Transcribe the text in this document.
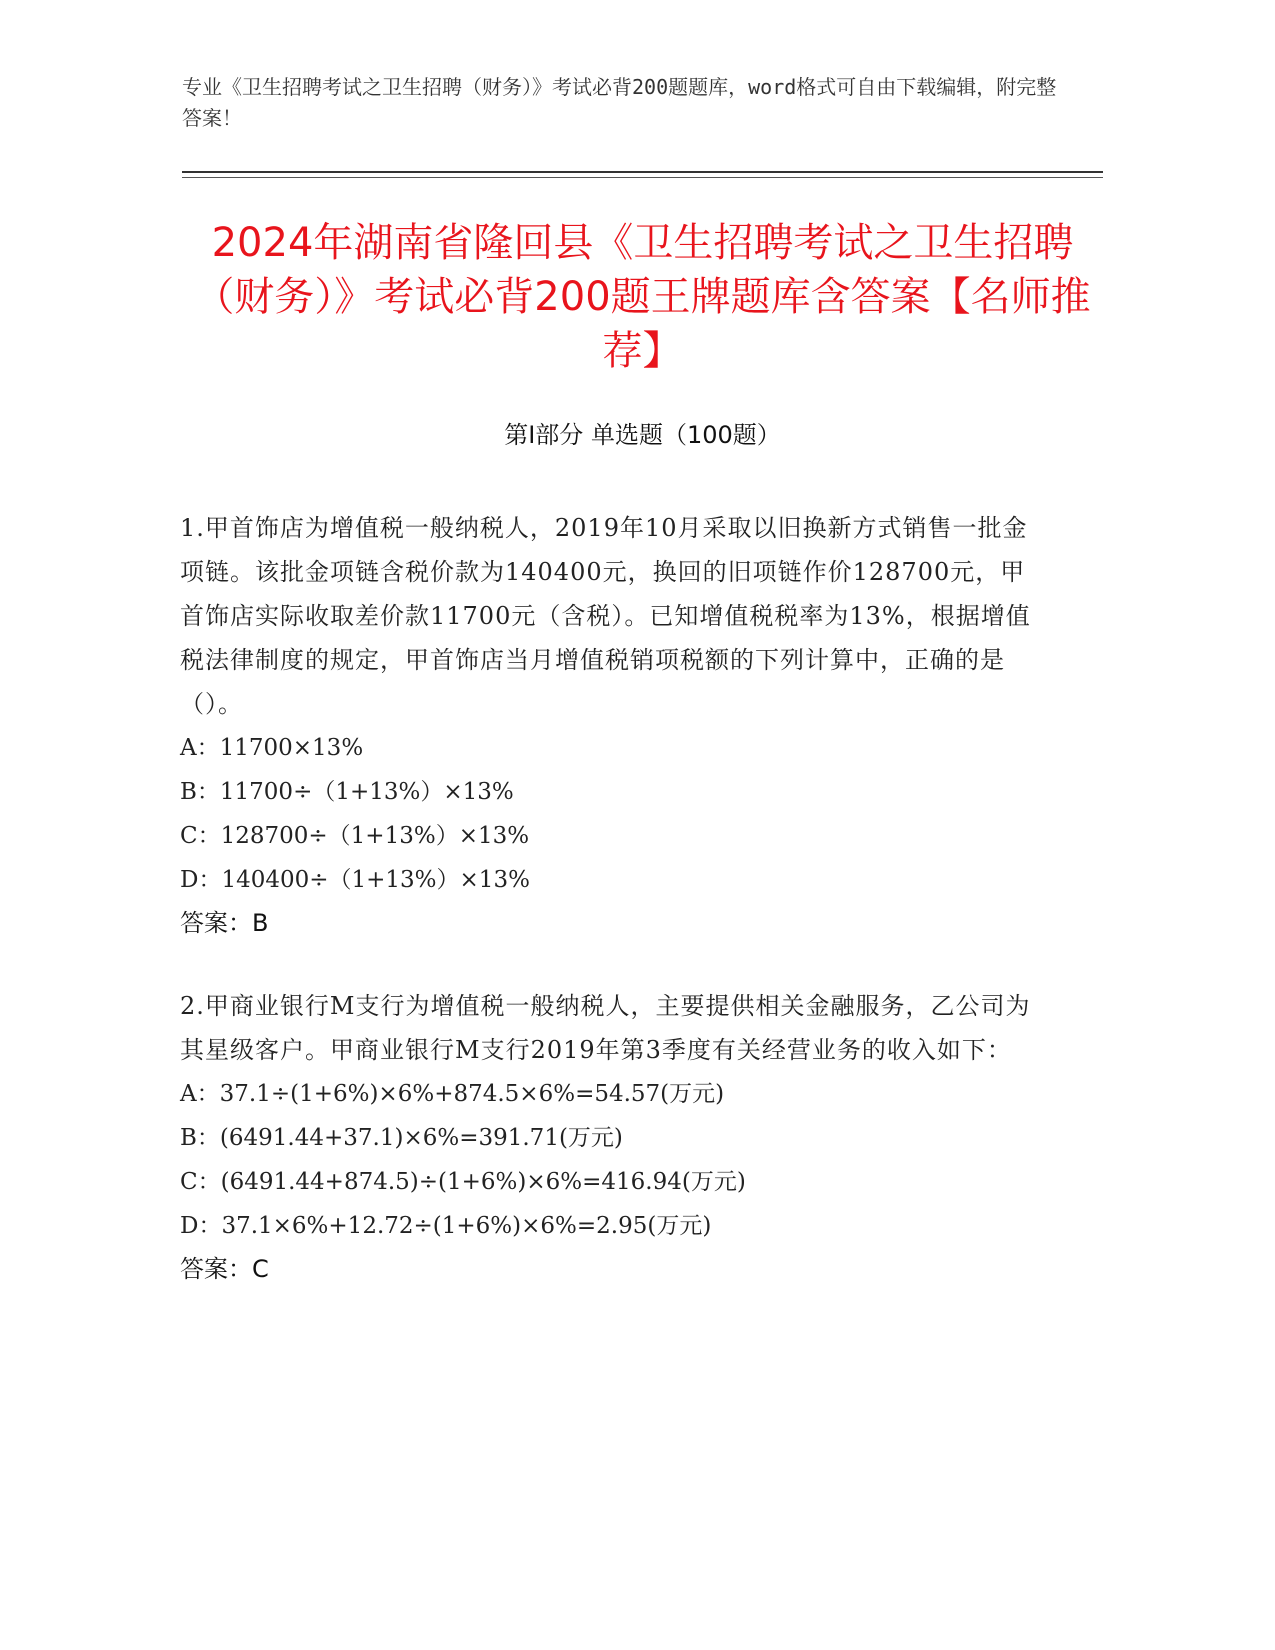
专业《卫生招聘考试之卫生招聘（财务）》考试必背200题题库，word格式可自由下载编辑，附完整答案！
2024年湖南省隆回县《卫生招聘考试之卫生招聘（财务）》考试必背200题王牌题库含答案【名师推荐】
第Ⅰ部分 单选题（100题）
1.甲首饰店为增值税一般纳税人，2019年10月采取以旧换新方式销售一批金项链。该批金项链含税价款为140400元，换回的旧项链作价128700元，甲首饰店实际收取差价款11700元（含税）。已知增值税税率为13%，根据增值税法律制度的规定，甲首饰店当月增值税销项税额的下列计算中，正确的是（）。
A：11700×13%
B：11700÷（1+13%）×13%
C：128700÷（1+13%）×13%
D：140400÷（1+13%）×13%
答案：B
2.甲商业银行M支行为增值税一般纳税人，主要提供相关金融服务，乙公司为其星级客户。甲商业银行M支行2019年第3季度有关经营业务的收入如下：
A：37.1÷(1+6%)×6%+874.5×6%=54.57(万元)
B：(6491.44+37.1)×6%=391.71(万元)
C：(6491.44+874.5)÷(1+6%)×6%=416.94(万元)
D：37.1×6%+12.72÷(1+6%)×6%=2.95(万元)
答案：C
